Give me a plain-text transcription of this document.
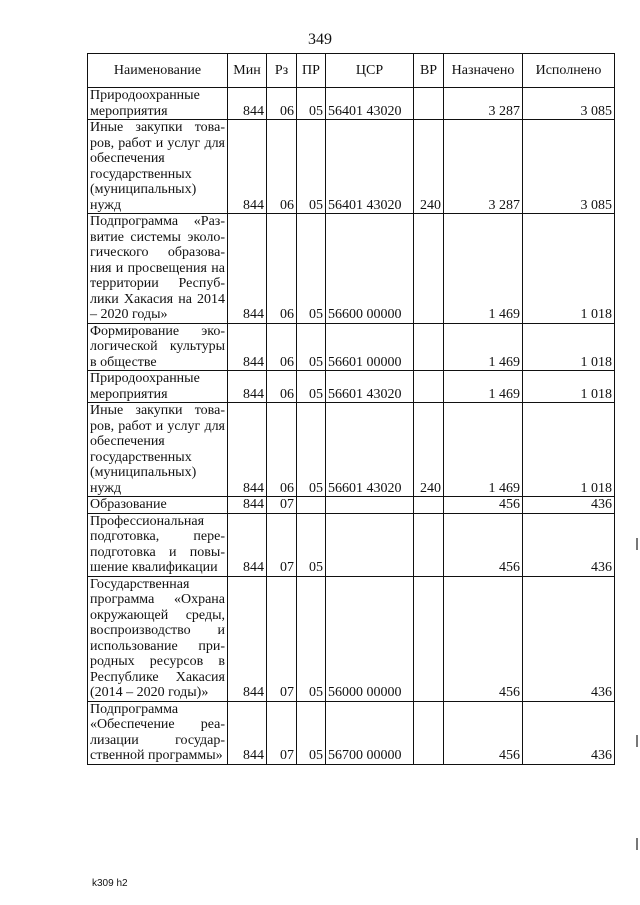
349
Наименование	Мин	Рз	ПР	ЦСР	ВР	Назначено	Исполнено
Природоохранные мероприятия	844	06	05	56401 43020		3 287	3 085
Иные закупки товаров, работ и услуг для обеспечения государственных (муниципальных) нужд	844	06	05	56401 43020	240	3 287	3 085
Подпрограмма «Развитие системы экологического образования и просвещения на территории Республики Хакасия на 2014 – 2020 годы»	844	06	05	56600 00000		1 469	1 018
Формирование экологической культуры в обществе	844	06	05	56601 00000		1 469	1 018
Природоохранные мероприятия	844	06	05	56601 43020		1 469	1 018
Иные закупки товаров, работ и услуг для обеспечения государственных (муниципальных) нужд	844	06	05	56601 43020	240	1 469	1 018
Образование	844	07				456	436
Профессиональная подготовка, переподготовка и повышение квалификации	844	07	05			456	436
Государственная программа «Охрана окружающей среды, воспроизводство и использование природных ресурсов в Республике Хакасия (2014 – 2020 годы)»	844	07	05	56000 00000		456	436
Подпрограмма «Обеспечение реализации государственной программы»	844	07	05	56700 00000		456	436
k309 h2
